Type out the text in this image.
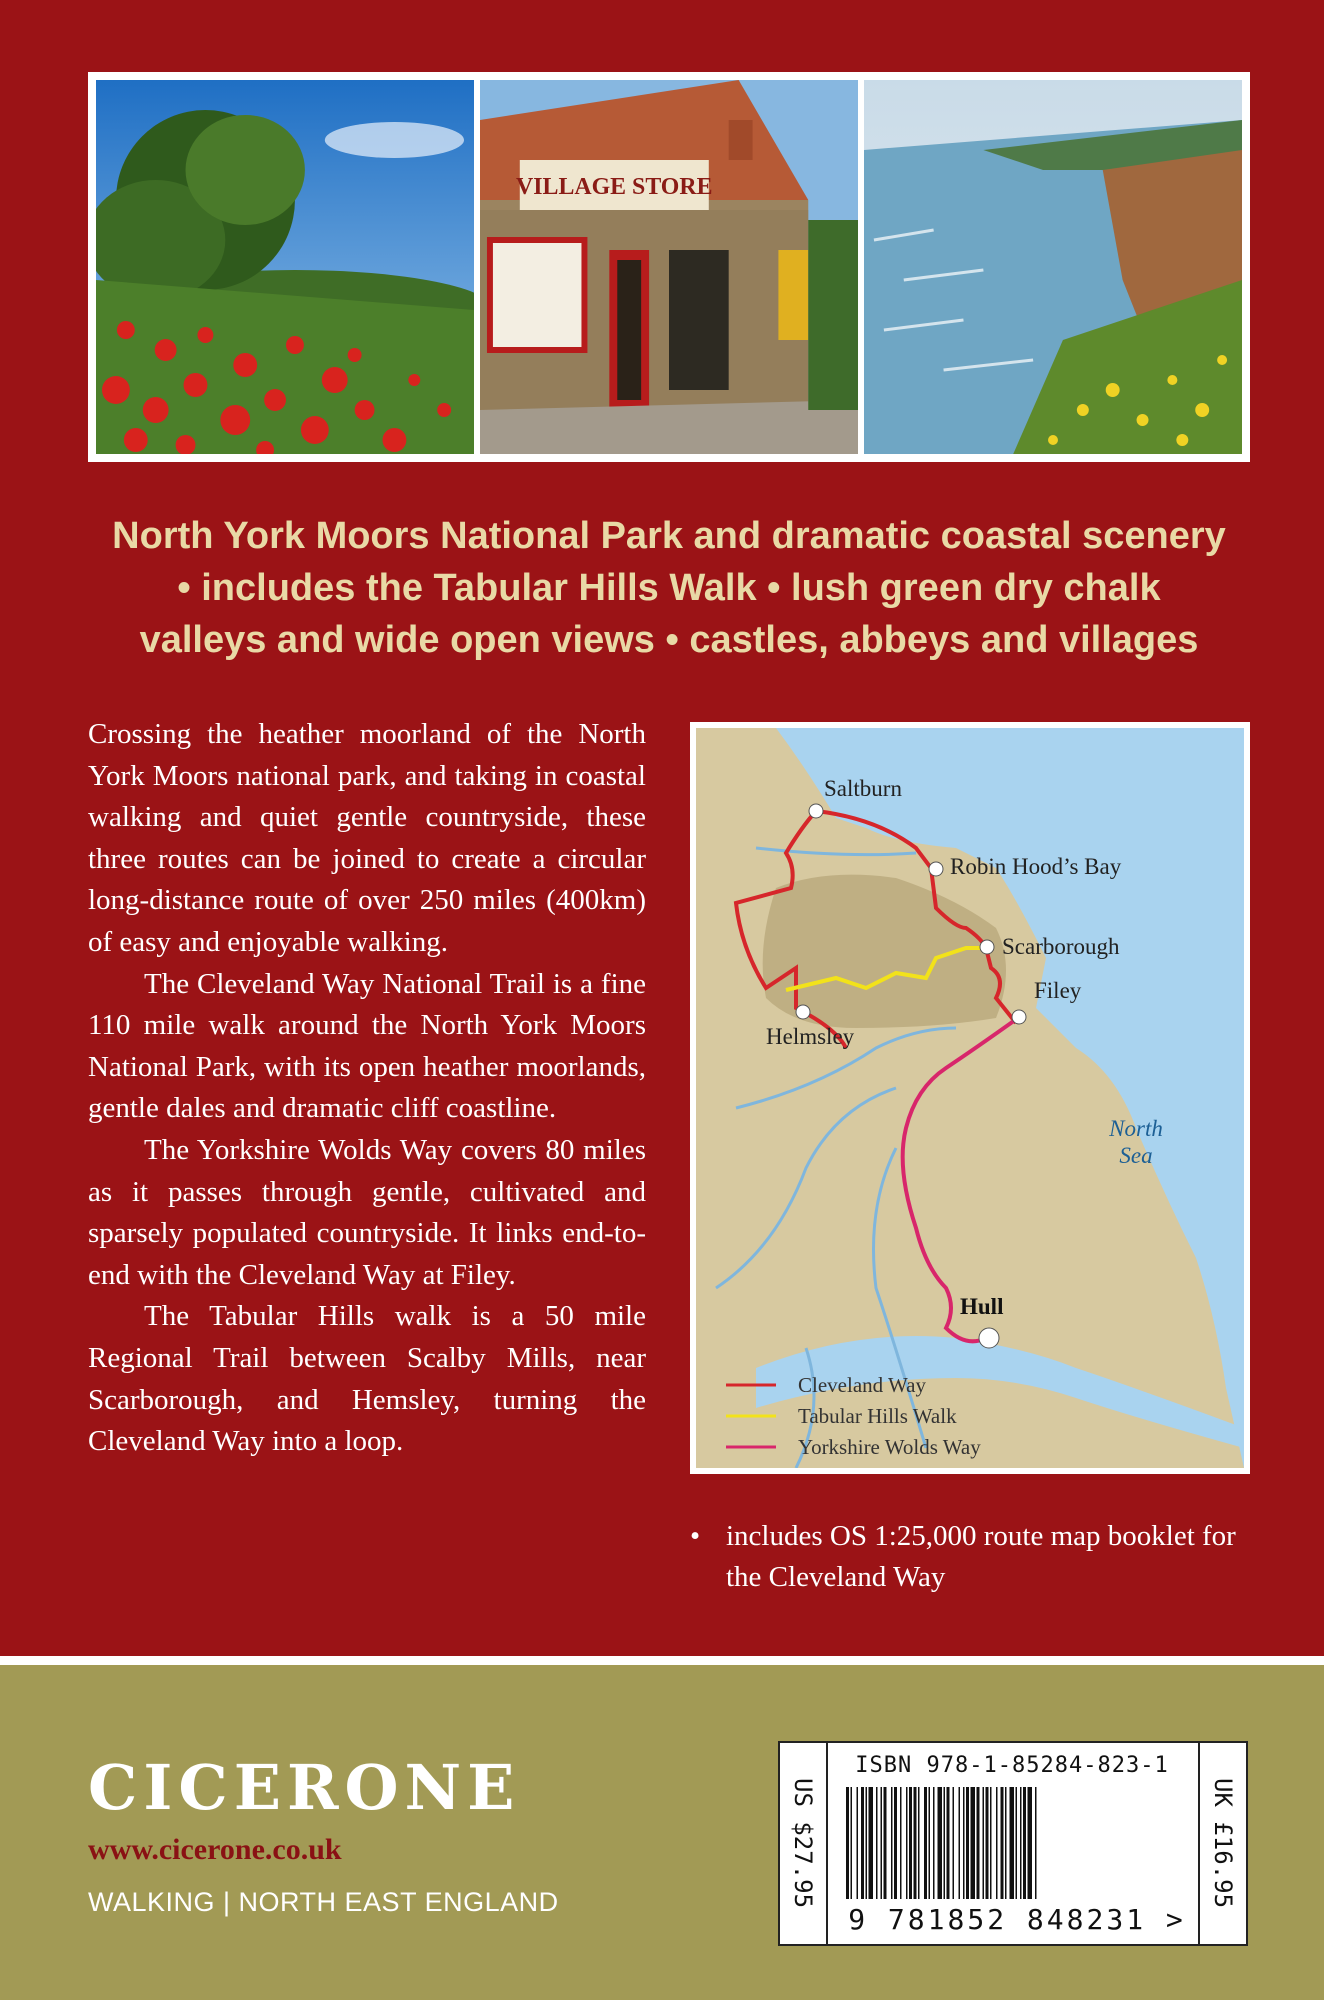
VILLAGE STORE
North York Moors National Park and dramatic coastal scenery
• includes the Tabular Hills Walk • lush green dry chalk
valleys and wide open views • castles, abbeys and villages

Crossing the heather moorland of the North York Moors national park, and taking in coastal walking and quiet gentle countryside, these three routes can be joined to create a circular long-distance route of over 250 miles (400km) of easy and enjoyable walking.

The Cleveland Way National Trail is a fine 110 mile walk around the North York Moors National Park, with its open heather moorlands, gentle dales and dramatic cliff coastline.

The Yorkshire Wolds Way covers 80 miles as it passes through gentle, cultivated and sparsely populated countryside. It links end-to-end with the Cleveland Way at Filey.

The Tabular Hills walk is a 50 mile Regional Trail between Scalby Mills, near Scarborough, and Hemsley, turning the Cleveland Way into a loop.

Saltburn
Robin Hood’s Bay
Scarborough
Filey
Helmsley
Hull
North
Sea
Cleveland Way
Tabular Hills Walk
Yorkshire Wolds Way
• includes OS 1:25,000 route map booklet for the Cleveland Way
CICERONE
www.cicerone.co.uk
WALKING | NORTH EAST ENGLAND	US $27.95
ISBN 978-1-85284-823-1
9 781852 848231 >
UK £16.95
